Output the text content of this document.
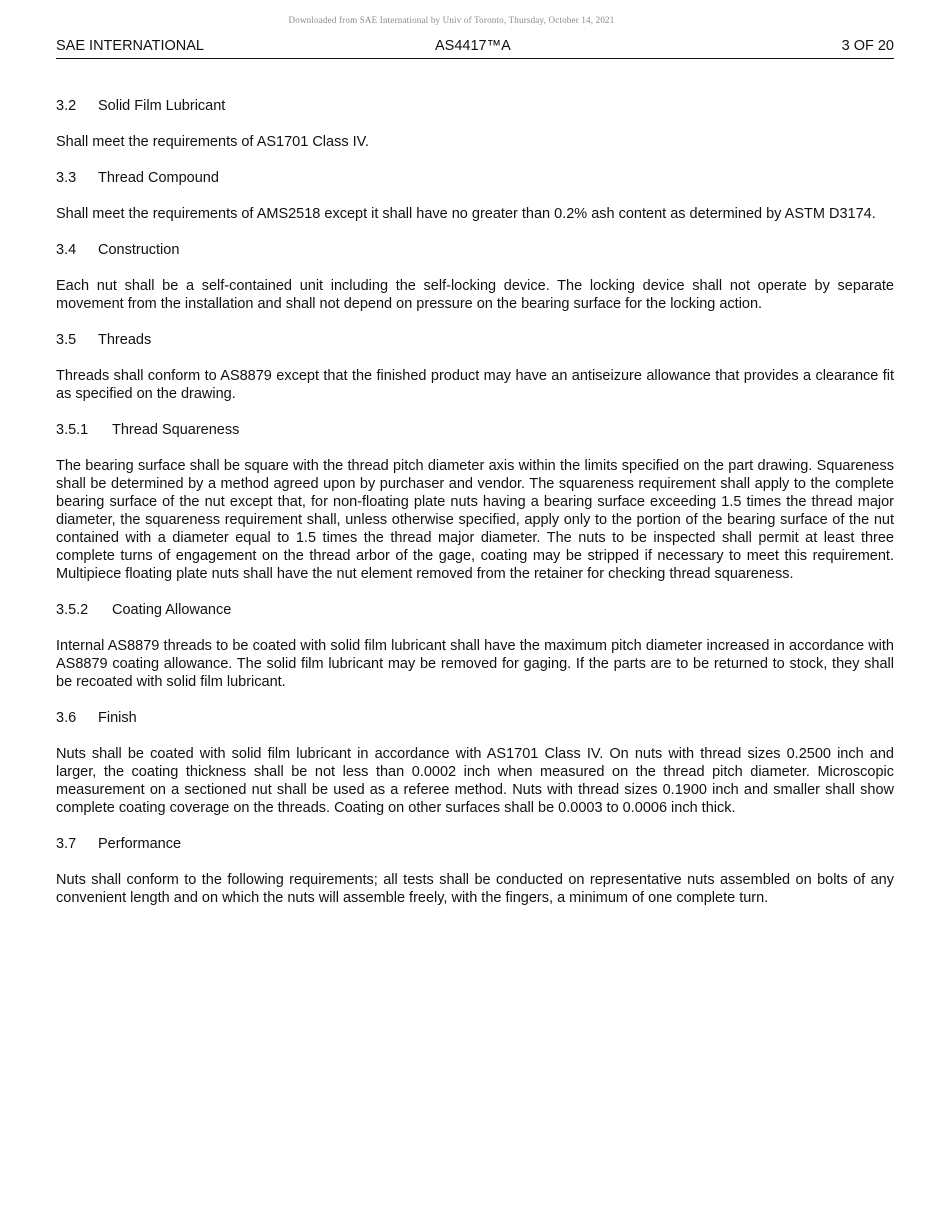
Downloaded from SAE International by Univ of Toronto, Thursday, October 14, 2021
SAE INTERNATIONAL	AS4417™A	3 OF 20
3.2 Solid Film Lubricant

Shall meet the requirements of AS1701 Class IV.

3.3 Thread Compound

Shall meet the requirements of AMS2518 except it shall have no greater than 0.2% ash content as determined by ASTM D3174.

3.4 Construction

Each nut shall be a self-contained unit including the self-locking device. The locking device shall not operate by separate movement from the installation and shall not depend on pressure on the bearing surface for the locking action.

3.5 Threads

Threads shall conform to AS8879 except that the finished product may have an antiseizure allowance that provides a clearance fit as specified on the drawing.

3.5.1 Thread Squareness

The bearing surface shall be square with the thread pitch diameter axis within the limits specified on the part drawing. Squareness shall be determined by a method agreed upon by purchaser and vendor. The squareness requirement shall apply to the complete bearing surface of the nut except that, for non-floating plate nuts having a bearing surface exceeding 1.5 times the thread major diameter, the squareness requirement shall, unless otherwise specified, apply only to the portion of the bearing surface of the nut contained with a diameter equal to 1.5 times the thread major diameter. The nuts to be inspected shall permit at least three complete turns of engagement on the thread arbor of the gage, coating may be stripped if necessary to meet this requirement. Multipiece floating plate nuts shall have the nut element removed from the retainer for checking thread squareness.

3.5.2 Coating Allowance

Internal AS8879 threads to be coated with solid film lubricant shall have the maximum pitch diameter increased in accordance with AS8879 coating allowance. The solid film lubricant may be removed for gaging. If the parts are to be returned to stock, they shall be recoated with solid film lubricant.

3.6 Finish

Nuts shall be coated with solid film lubricant in accordance with AS1701 Class IV. On nuts with thread sizes 0.2500 inch and larger, the coating thickness shall be not less than 0.0002 inch when measured on the thread pitch diameter. Microscopic measurement on a sectioned nut shall be used as a referee method. Nuts with thread sizes 0.1900 inch and smaller shall show complete coating coverage on the threads. Coating on other surfaces shall be 0.0003 to 0.0006 inch thick.

3.7 Performance

Nuts shall conform to the following requirements; all tests shall be conducted on representative nuts assembled on bolts of any convenient length and on which the nuts will assemble freely, with the fingers, a minimum of one complete turn.
